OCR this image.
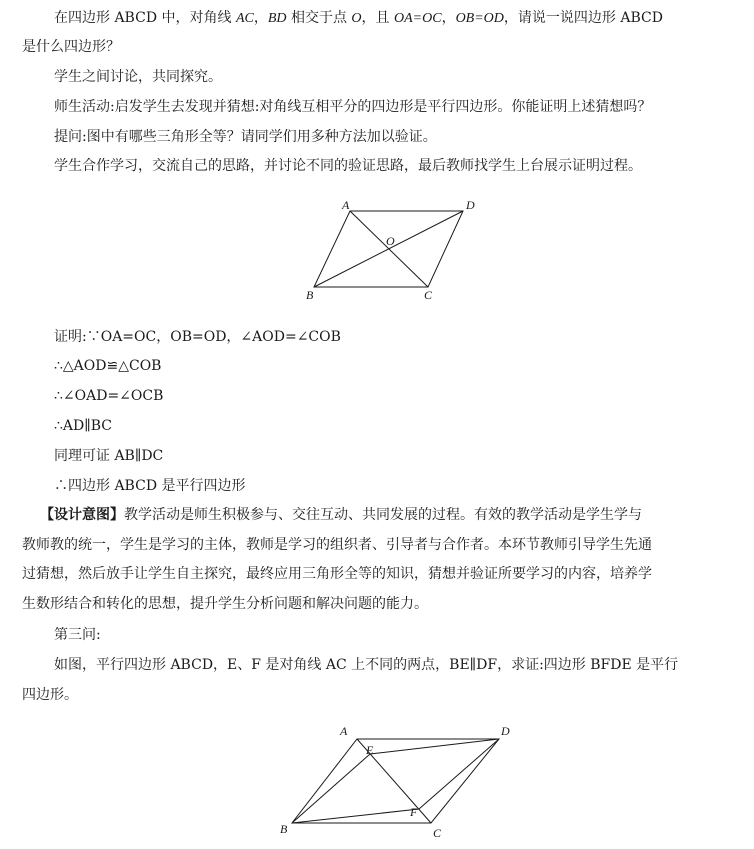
在四边形 ABCD 中，对角线 AC，BD 相交于点 O，且 OA=OC，OB=OD，请说一说四边形 ABCD
是什么四边形？
学生之间讨论，共同探究。
师生活动:启发学生去发现并猜想:对角线互相平分的四边形是平行四边形。你能证明上述猜想吗？
提问:图中有哪些三角形全等？请同学们用多种方法加以验证。
学生合作学习，交流自己的思路，并讨论不同的验证思路，最后教师找学生上台展示证明过程。
A	D
O
B	C
证明:∵OA=OC，OB=OD，∠AOD=∠COB
∴△AOD≌△COB
∴∠OAD=∠OCB
∴AD∥BC
同理可证 AB∥DC
∴四边形 ABCD 是平行四边形
【设计意图】教学活动是师生积极参与、交往互动、共同发展的过程。有效的教学活动是学生学与
教师教的统一，学生是学习的主体，教师是学习的组织者、引导者与合作者。本环节教师引导学生先通
过猜想，然后放手让学生自主探究，最终应用三角形全等的知识，猜想并验证所要学习的内容，培养学
生数形结合和转化的思想，提升学生分析问题和解决问题的能力。
第三问:
如图，平行四边形 ABCD，E、F 是对角线 AC 上不同的两点，BE∥DF，求证:四边形 BFDE 是平行
四边形。
A	D
E
F
B	C
